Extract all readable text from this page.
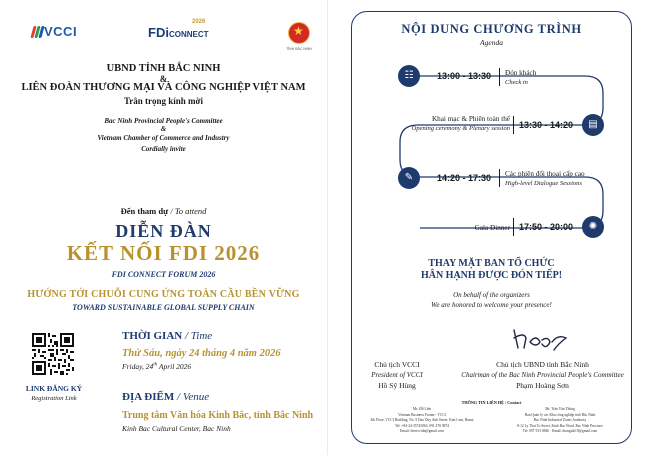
VCCI	FDiCONNECT
2026
★
TỈNH BẮC NINH
UBND TỈNH BẮC NINH
&
LIÊN ĐOÀN THƯƠNG MẠI VÀ CÔNG NGHIỆP VIỆT NAM
Trân trọng kính mời
Bac Ninh Provincial People's Committee
&
Vietnam Chamber of Commerce and Industry
Cordially invite
Đến tham dự / To attend
DIỄN ĐÀN
KẾT NỐI FDI 2026
FDI CONNECT FORUM 2026
HƯỚNG TỚI CHUỖI CUNG ỨNG TOÀN CẦU BỀN VỮNG
TOWARD SUSTAINABLE GLOBAL SUPPLY CHAIN
LINK ĐĂNG KÝ
Registration Link
THỜI GIAN / Time
Thứ Sáu, ngày 24 tháng 4 năm 2026
Friday, 24th April 2026
ĐỊA ĐIỂM / Venue
Trung tâm Văn hóa Kinh Bắc, tỉnh Bắc Ninh
Kinh Bac Cultural Center, Bac Ninh
NỘI DUNG CHƯƠNG TRÌNH
Agenda
☷	13:00 - 13:30 Đón khách
Check in
Khai mạc & Phiên toàn thể
Opening ceremony & Plenary session 13:30 - 14:20	▤
✎	14:20 - 17:30 Các phiên đối thoại cấp cao
High-level Dialogue Sessions
Gala Dinner 17:50 - 20:00	✺
THAY MẶT BAN TỔ CHỨC
HÂN HẠNH ĐƯỢC ĐÓN TIẾP!
On behalf of the organizers
We are honored to welcome your presence!
Chủ tịch VCCI
President of VCCI
Hồ Sỹ Hùng
Chủ tịch UBND tỉnh Bắc Ninh
Chairman of the Bac Ninh Provincial People's Committee
Phạm Hoàng Sơn
THÔNG TIN LIÊN HỆ / Contact
Ms. Đỗ Liên
Vietnam Business Forum - VCCI
4th Floor, VCCI Building, No. 9 Dao Duy Anh Street, Kim Lien, Hanoi
Tel: +84-24-35743063; 091 478 0874
Email: lienvccidn@gmail.com
Mr. Trần Văn Thông
Ban Quản lý các Khu công nghiệp tỉnh Bắc Ninh
Bac Ninh Industrial Zones Authority
8-12 Ly Thai To Street, Kinh Bac Ward, Bac Ninh Province
Tel: 097 533 0846 · Email: thongidz19@gmail.com
